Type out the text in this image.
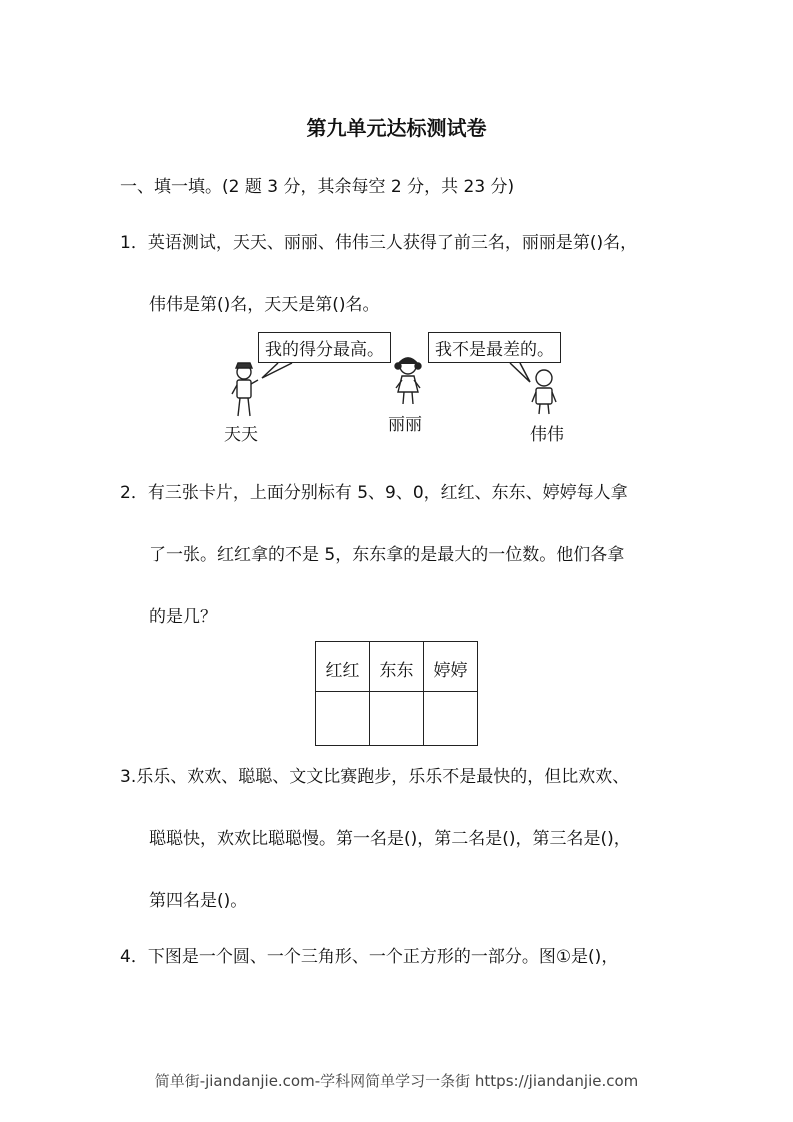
第九单元达标测试卷
一、填一填。(2 题 3 分，其余每空 2 分，共 23 分)
1．英语测试，天天、丽丽、伟伟三人获得了前三名，丽丽是第()名，
伟伟是第()名，天天是第()名。
我的得分最高。	我不是最差的。
天天	丽丽	伟伟
2．有三张卡片，上面分别标有 5、9、0，红红、东东、婷婷每人拿
了一张。红红拿的不是 5，东东拿的是最大的一位数。他们各拿
的是几？
红红	东东	婷婷

3.乐乐、欢欢、聪聪、文文比赛跑步，乐乐不是最快的，但比欢欢、
聪聪快，欢欢比聪聪慢。第一名是()，第二名是()，第三名是()，
第四名是()。
4．下图是一个圆、一个三角形、一个正方形的一部分。图①是()，
简单街-jiandanjie.com-学科网简单学习一条街 https://jiandanjie.com
